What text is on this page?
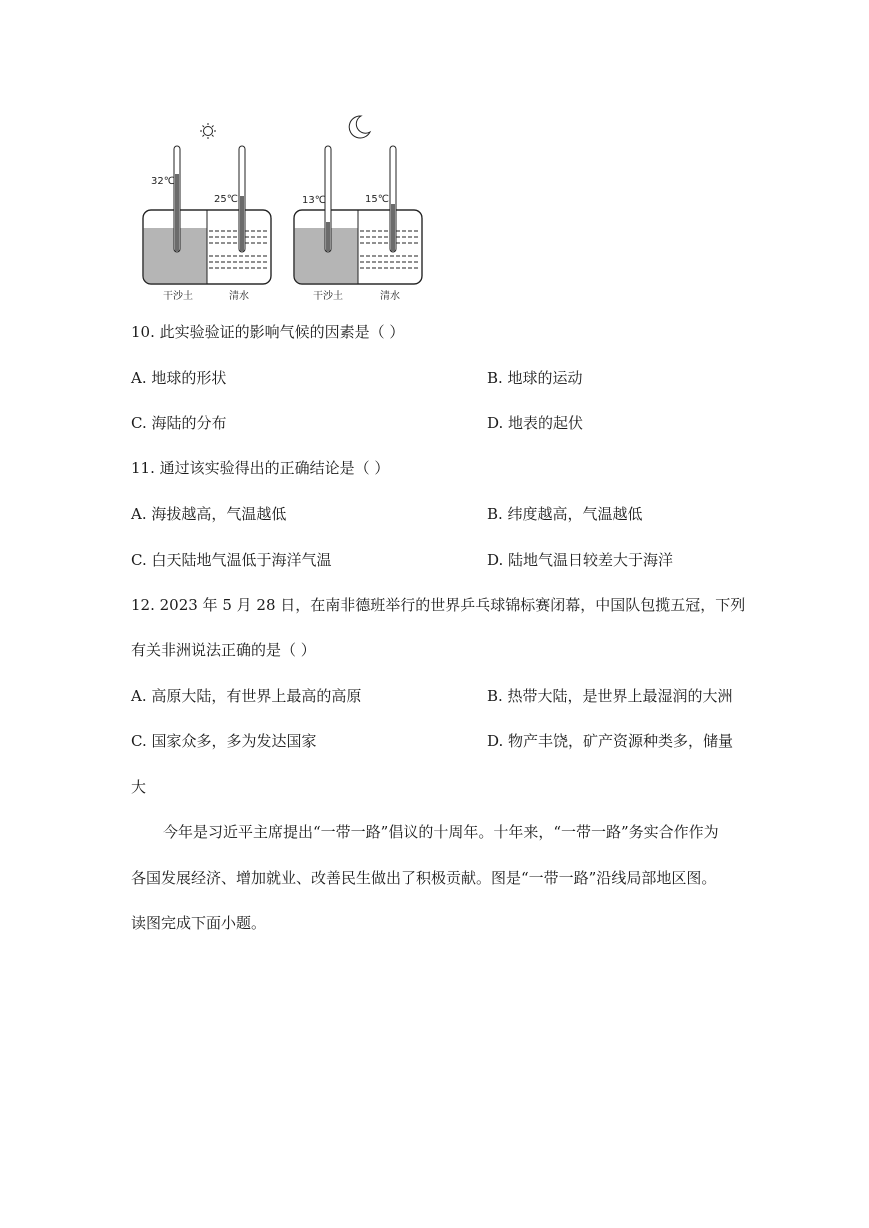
32℃
25℃
干沙土	清水
13℃	15℃
干沙土	清水
10. 此实验验证的影响气候的因素是（ ）
A. 地球的形状	B. 地球的运动
C. 海陆的分布	D. 地表的起伏
11. 通过该实验得出的正确结论是（ ）
A. 海拔越高，气温越低	B. 纬度越高，气温越低
C. 白天陆地气温低于海洋气温	D. 陆地气温日较差大于海洋
12. 2023 年 5 月 28 日，在南非德班举行的世界乒乓球锦标赛闭幕，中国队包揽五冠，下列
有关非洲说法正确的是（ ）
A. 高原大陆，有世界上最高的高原	B. 热带大陆，是世界上最湿润的大洲
C. 国家众多，多为发达国家	D. 物产丰饶，矿产资源种类多，储量
大
今年是习近平主席提出“一带一路”倡议的十周年。十年来，“一带一路”务实合作作为
各国发展经济、增加就业、改善民生做出了积极贡献。图是“一带一路”沿线局部地区图。
读图完成下面小题。
